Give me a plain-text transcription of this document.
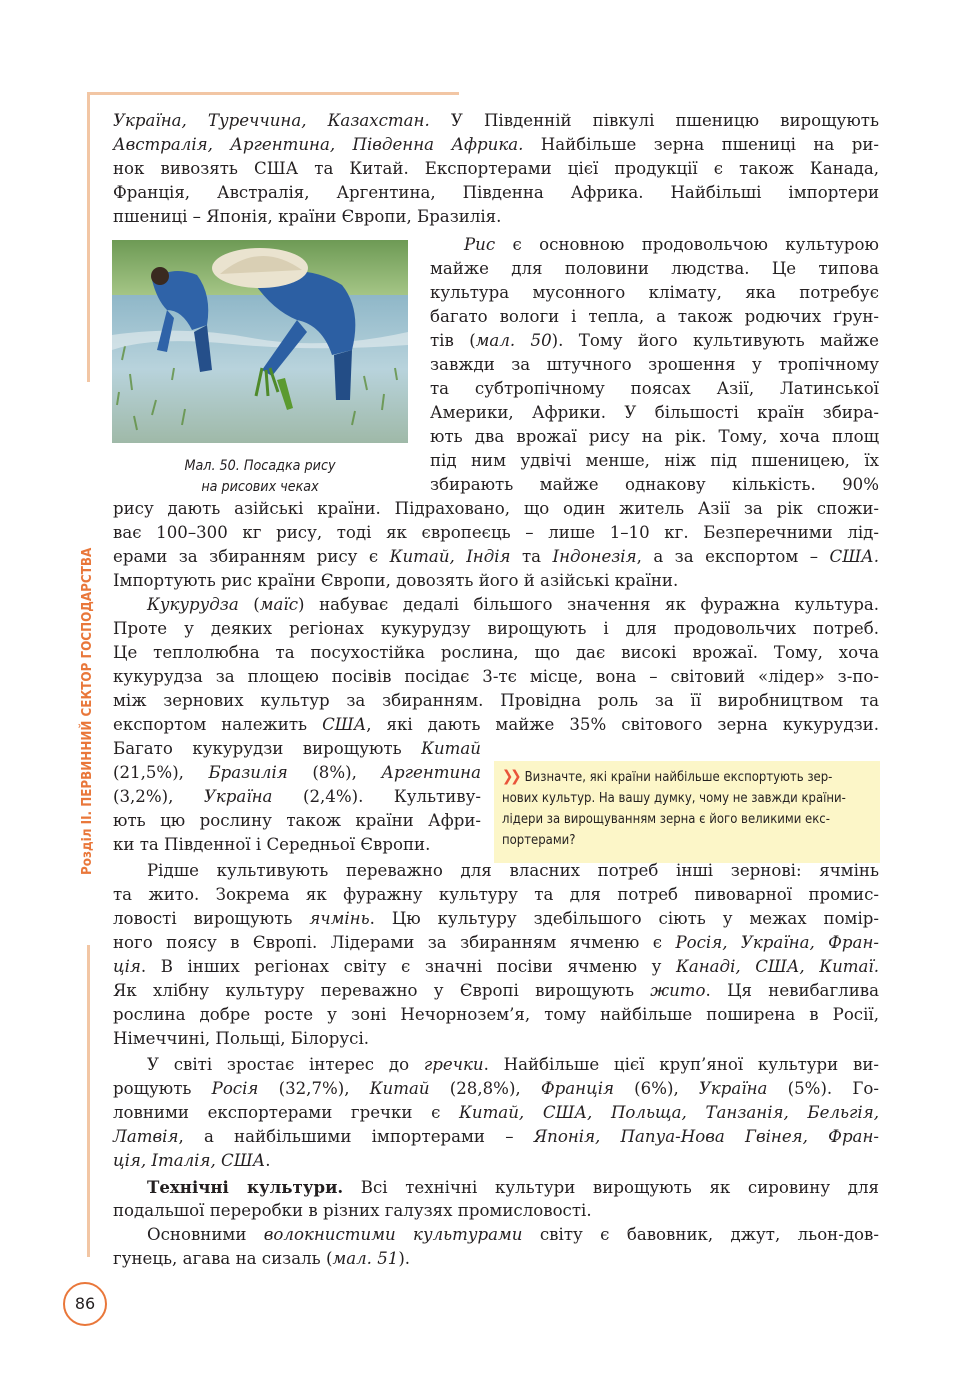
Розділ II. ПЕРВИННИЙ СЕКТОР ГОСПОДАРСТВА
Мал. 50. Посадка рису
на рисових чеках
❯❯ Визначте, які країни найбільше експортують зер-
нових культур. На вашу думку, чому не завжди країни-
лідери за вирощуванням зерна є його великими екс-
портерами?
Україна, Туреччина, Казахстан. У Південній півкулі пшеницю вирощують
Австралія, Аргентина, Південна Африка. Найбільше зерна пшениці на ри-
нок вивозять США та Китай. Експортерами цієї продукції є також Канада,
Франція, Австралія, Аргентина, Південна Африка. Найбільші імпортери
пшениці – Японія, країни Європи, Бразилія.
Рис є основною продовольчою культурою
майже для половини людства. Це типова
культура мусонного клімату, яка потребує
багато вологи і тепла, а також родючих ґрун-
тів (мал. 50). Тому його культивують майже
завжди за штучного зрошення у тропічному
та субтропічному поясах Азії, Латинської
Америки, Африки. У більшості країн збира-
ють два врожаї рису на рік. Тому, хоча площ
під ним удвічі менше, ніж під пшеницею, їх
збирають майже однакову кількість. 90%
рису дають азійські країни. Підраховано, що один житель Азії за рік спожи-
ває 100–300 кг рису, тоді як європеєць – лише 1–10 кг. Безперечними лід-
ерами за збиранням рису є Китай, Індія та Індонезія, а за експортом – США.
Імпортують рис країни Європи, довозять його й азійські країни.
Кукурудза (маїс) набуває дедалі більшого значення як фуражна культура.
Проте у деяких регіонах кукурудзу вирощують і для продовольчих потреб.
Це теплолюбна та посухостійка рослина, що дає високі врожаї. Тому, хоча
кукурудза за площею посівів посідає 3-тє місце, вона – світовий «лідер» з-по-
між зернових культур за збиранням. Провідна роль за її виробництвом та
експортом належить США, які дають майже 35% світового зерна кукурудзи.
Багато кукурудзи вирощують Китай
(21,5%), Бразилія (8%), Аргентина
(3,2%), Україна (2,4%). Культиву-
ють цю рослину також країни Афри-
ки та Південної і Середньої Європи.
Рідше культивують переважно для власних потреб інші зернові: ячмінь
та жито. Зокрема як фуражну культуру та для потреб пивоварної промис-
ловості вирощують ячмінь. Цю культуру здебільшого сіють у межах помір-
ного поясу в Європі. Лідерами за збиранням ячменю є Росія, Україна, Фран-
ція. В інших регіонах світу є значні посіви ячменю у Канаді, США, Китаї.
Як хлібну культуру переважно у Європі вирощують жито. Ця невибаглива
рослина добре росте у зоні Нечорнозем’я, тому найбільше поширена в Росії,
Німеччині, Польщі, Білорусі.
У світі зростає інтерес до гречки. Найбільше цієї круп’яної культури ви-
рощують Росія (32,7%), Китай (28,8%), Франція (6%), Україна (5%). Го-
ловними експортерами гречки є Китай, США, Польща, Танзанія, Бельгія,
Латвія, а найбільшими імпортерами – Японія, Папуа-Нова Гвінея, Фран-
ція, Італія, США.
Технічні культури. Всі технічні культури вирощують як сировину для
подальшої переробки в різних галузях промисловості.
Основними волокнистими культурами світу є бавовник, джут, льон-дов-
гунець, агава на сизаль (мал. 51).
86
